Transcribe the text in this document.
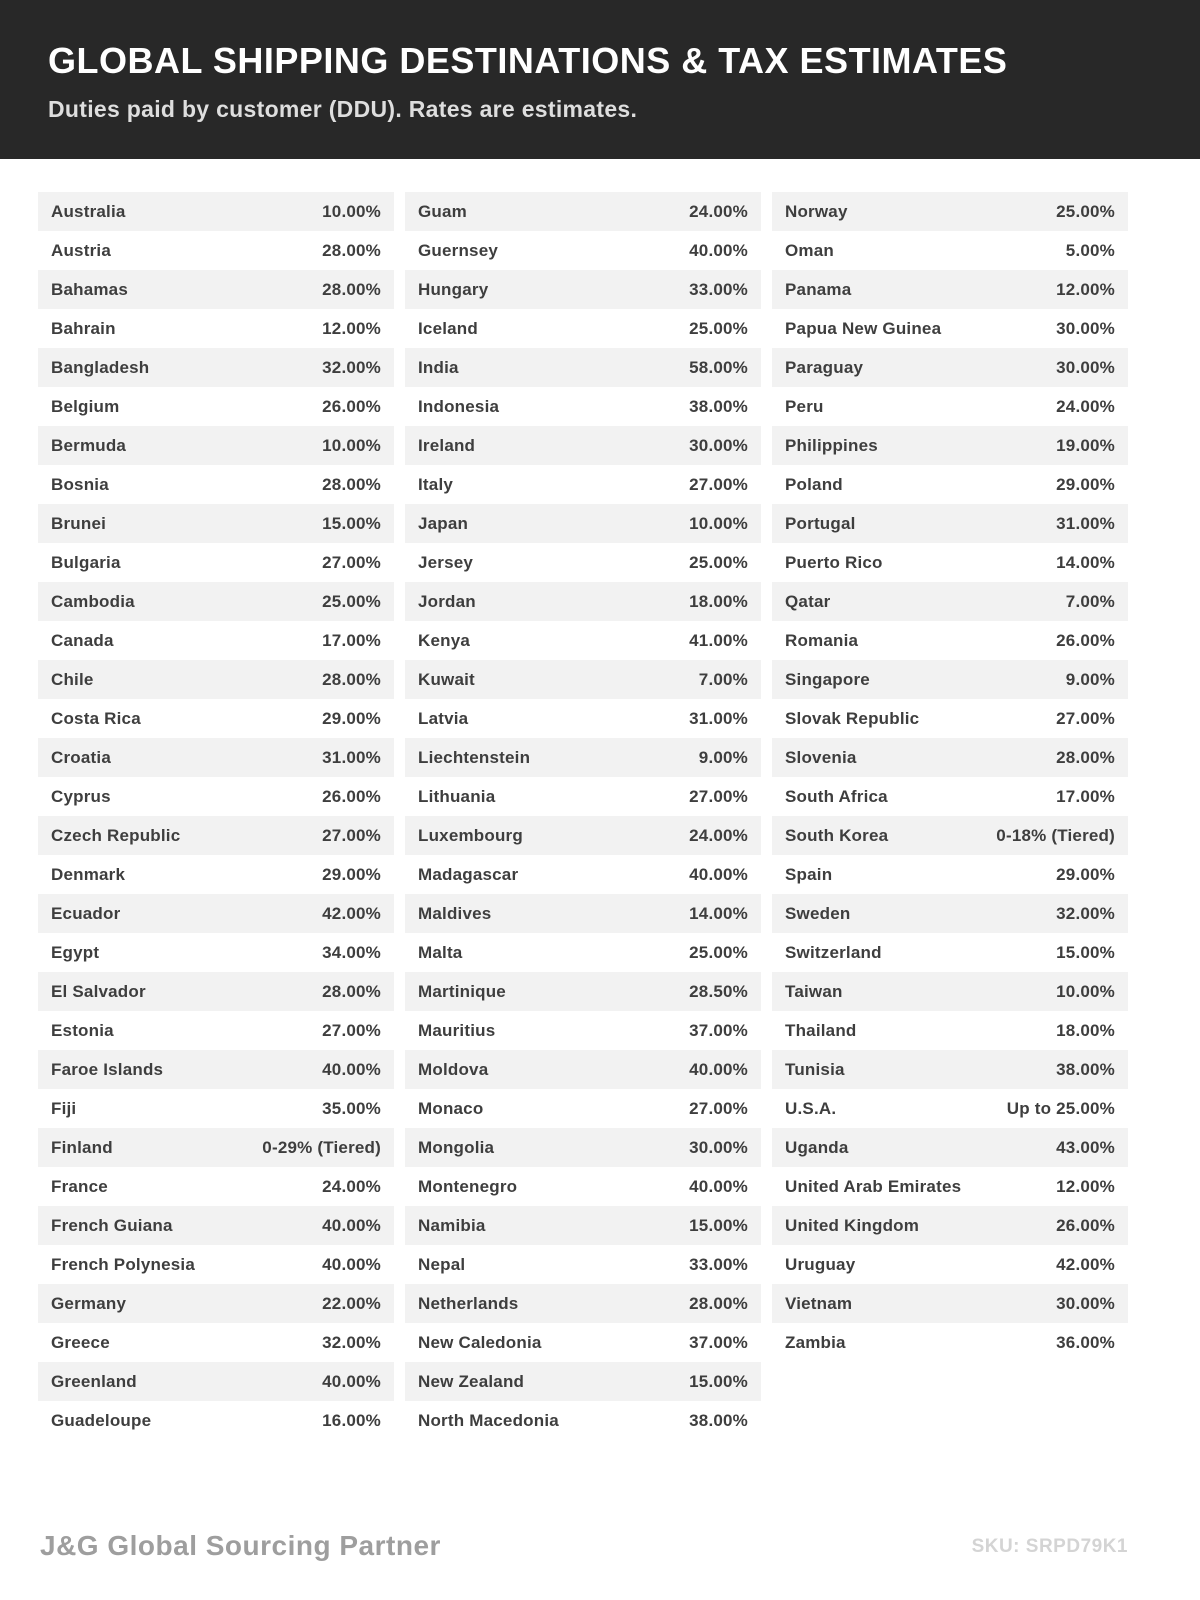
GLOBAL SHIPPING DESTINATIONS & TAX ESTIMATES
Duties paid by customer (DDU). Rates are estimates.
Australia	10.00%
Austria	28.00%
Bahamas	28.00%
Bahrain	12.00%
Bangladesh	32.00%
Belgium	26.00%
Bermuda	10.00%
Bosnia	28.00%
Brunei	15.00%
Bulgaria	27.00%
Cambodia	25.00%
Canada	17.00%
Chile	28.00%
Costa Rica	29.00%
Croatia	31.00%
Cyprus	26.00%
Czech Republic	27.00%
Denmark	29.00%
Ecuador	42.00%
Egypt	34.00%
El Salvador	28.00%
Estonia	27.00%
Faroe Islands	40.00%
Fiji	35.00%
Finland	0-29% (Tiered)
France	24.00%
French Guiana	40.00%
French Polynesia	40.00%
Germany	22.00%
Greece	32.00%
Greenland	40.00%
Guadeloupe	16.00%
Guam	24.00%
Guernsey	40.00%
Hungary	33.00%
Iceland	25.00%
India	58.00%
Indonesia	38.00%
Ireland	30.00%
Italy	27.00%
Japan	10.00%
Jersey	25.00%
Jordan	18.00%
Kenya	41.00%
Kuwait	7.00%
Latvia	31.00%
Liechtenstein	9.00%
Lithuania	27.00%
Luxembourg	24.00%
Madagascar	40.00%
Maldives	14.00%
Malta	25.00%
Martinique	28.50%
Mauritius	37.00%
Moldova	40.00%
Monaco	27.00%
Mongolia	30.00%
Montenegro	40.00%
Namibia	15.00%
Nepal	33.00%
Netherlands	28.00%
New Caledonia	37.00%
New Zealand	15.00%
North Macedonia	38.00%
Norway	25.00%
Oman	5.00%
Panama	12.00%
Papua New Guinea	30.00%
Paraguay	30.00%
Peru	24.00%
Philippines	19.00%
Poland	29.00%
Portugal	31.00%
Puerto Rico	14.00%
Qatar	7.00%
Romania	26.00%
Singapore	9.00%
Slovak Republic	27.00%
Slovenia	28.00%
South Africa	17.00%
South Korea	0-18% (Tiered)
Spain	29.00%
Sweden	32.00%
Switzerland	15.00%
Taiwan	10.00%
Thailand	18.00%
Tunisia	38.00%
U.S.A.	Up to 25.00%
Uganda	43.00%
United Arab Emirates	12.00%
United Kingdom	26.00%
Uruguay	42.00%
Vietnam	30.00%
Zambia	36.00%
J&G Global Sourcing Partner	SKU: SRPD79K1
